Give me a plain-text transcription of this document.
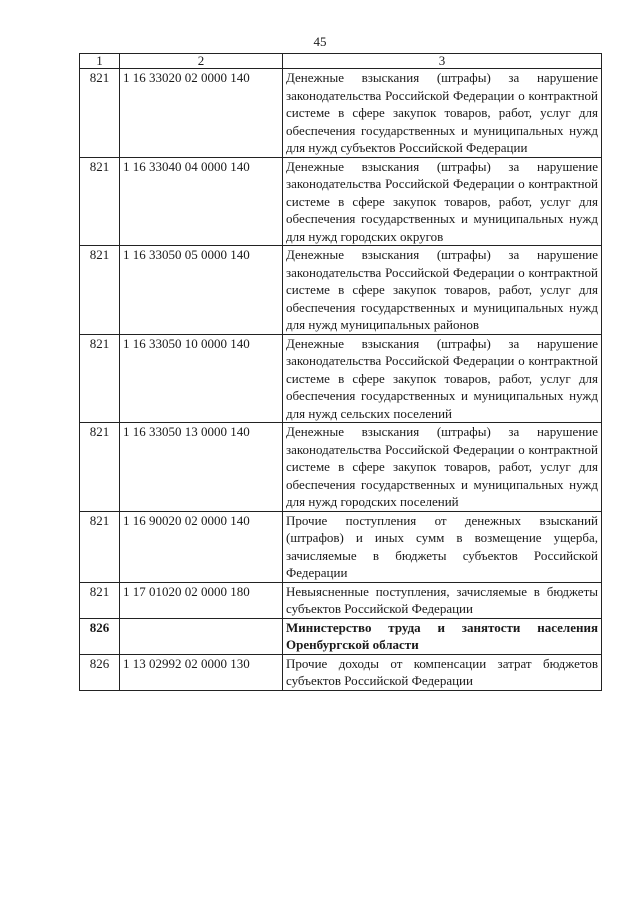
45
1	2	3
821	1 16 33020 02 0000 140	Денежные взыскания (штрафы) за нарушение законодательства Российской Федерации о контрактной системе в сфере закупок товаров, работ, услуг для обеспечения государственных и муниципальных нужд для нужд субъектов Российской Федерации
821	1 16 33040 04 0000 140	Денежные взыскания (штрафы) за нарушение законодательства Российской Федерации о контрактной системе в сфере закупок товаров, работ, услуг для обеспечения государственных и муниципальных нужд для нужд городских округов
821	1 16 33050 05 0000 140	Денежные взыскания (штрафы) за нарушение законодательства Российской Федерации о контрактной системе в сфере закупок товаров, работ, услуг для обеспечения государственных и муниципальных нужд для нужд муниципальных районов
821	1 16 33050 10 0000 140	Денежные взыскания (штрафы) за нарушение законодательства Российской Федерации о контрактной системе в сфере закупок товаров, работ, услуг для обеспечения государственных и муниципальных нужд для нужд сельских поселений
821	1 16 33050 13 0000 140	Денежные взыскания (штрафы) за нарушение законодательства Российской Федерации о контрактной системе в сфере закупок товаров, работ, услуг для обеспечения государственных и муниципальных нужд для нужд городских поселений
821	1 16 90020 02 0000 140	Прочие поступления от денежных взысканий (штрафов) и иных сумм в возмещение ущерба, зачисляемые в бюджеты субъектов Российской Федерации
821	1 17 01020 02 0000 180	Невыясненные поступления, зачисляемые в бюджеты субъектов Российской Федерации
826		Министерство труда и занятости населения Оренбургской области
826	1 13 02992 02 0000 130	Прочие доходы от компенсации затрат бюджетов субъектов Российской Федерации
